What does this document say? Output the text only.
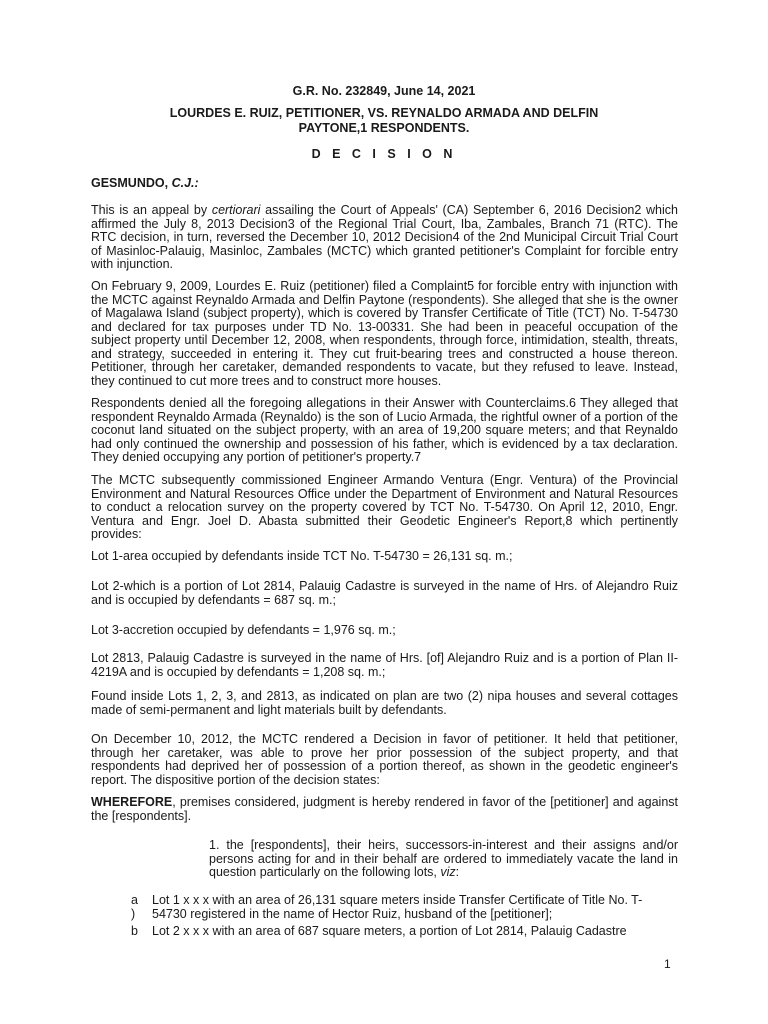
G.R. No. 232849, June 14, 2021
LOURDES E. RUIZ, PETITIONER, VS. REYNALDO ARMADA AND DELFIN PAYTONE,1 RESPONDENTS.
D E C I S I O N
GESMUNDO, C.J.:
This is an appeal by certiorari assailing the Court of Appeals' (CA) September 6, 2016 Decision2 which affirmed the July 8, 2013 Decision3 of the Regional Trial Court, Iba, Zambales, Branch 71 (RTC). The RTC decision, in turn, reversed the December 10, 2012 Decision4 of the 2nd Municipal Circuit Trial Court of Masinloc-Palauig, Masinloc, Zambales (MCTC) which granted petitioner's Complaint for forcible entry with injunction.
On February 9, 2009, Lourdes E. Ruiz (petitioner) filed a Complaint5 for forcible entry with injunction with the MCTC against Reynaldo Armada and Delfin Paytone (respondents). She alleged that she is the owner of Magalawa Island (subject property), which is covered by Transfer Certificate of Title (TCT) No. T-54730 and declared for tax purposes under TD No. 13-00331. She had been in peaceful occupation of the subject property until December 12, 2008, when respondents, through force, intimidation, stealth, threats, and strategy, succeeded in entering it. They cut fruit-bearing trees and constructed a house thereon. Petitioner, through her caretaker, demanded respondents to vacate, but they refused to leave. Instead, they continued to cut more trees and to construct more houses.
Respondents denied all the foregoing allegations in their Answer with Counterclaims.6 They alleged that respondent Reynaldo Armada (Reynaldo) is the son of Lucio Armada, the rightful owner of a portion of the coconut land situated on the subject property, with an area of 19,200 square meters; and that Reynaldo had only continued the ownership and possession of his father, which is evidenced by a tax declaration. They denied occupying any portion of petitioner's property.7
The MCTC subsequently commissioned Engineer Armando Ventura (Engr. Ventura) of the Provincial Environment and Natural Resources Office under the Department of Environment and Natural Resources to conduct a relocation survey on the property covered by TCT No. T-54730. On April 12, 2010, Engr. Ventura and Engr. Joel D. Abasta submitted their Geodetic Engineer's Report,8 which pertinently provides:
Lot 1-area occupied by defendants inside TCT No. T-54730 = 26,131 sq. m.;
Lot 2-which is a portion of Lot 2814, Palauig Cadastre is surveyed in the name of Hrs. of Alejandro Ruiz and is occupied by defendants = 687 sq. m.;
Lot 3-accretion occupied by defendants = 1,976 sq. m.;
Lot 2813, Palauig Cadastre is surveyed in the name of Hrs. [of] Alejandro Ruiz and is a portion of Plan II-4219A and is occupied by defendants = 1,208 sq. m.;
Found inside Lots 1, 2, 3, and 2813, as indicated on plan are two (2) nipa houses and several cottages made of semi-permanent and light materials built by defendants.
On December 10, 2012, the MCTC rendered a Decision in favor of petitioner. It held that petitioner, through her caretaker, was able to prove her prior possession of the subject property, and that respondents had deprived her of possession of a portion thereof, as shown in the geodetic engineer's report. The dispositive portion of the decision states:
WHEREFORE, premises considered, judgment is hereby rendered in favor of the [petitioner] and against the [respondents].
1. the [respondents], their heirs, successors-in-interest and their assigns and/or persons acting for and in their behalf are ordered to immediately vacate the land in question particularly on the following lots, viz:
a )
Lot 1 x x x with an area of 26,131 square meters inside Transfer Certificate of Title No. T-54730 registered in the name of Hector Ruiz, husband of the [petitioner];
b	Lot 2 x x x with an area of 687 square meters, a portion of Lot 2814, Palauig Cadastre
1
